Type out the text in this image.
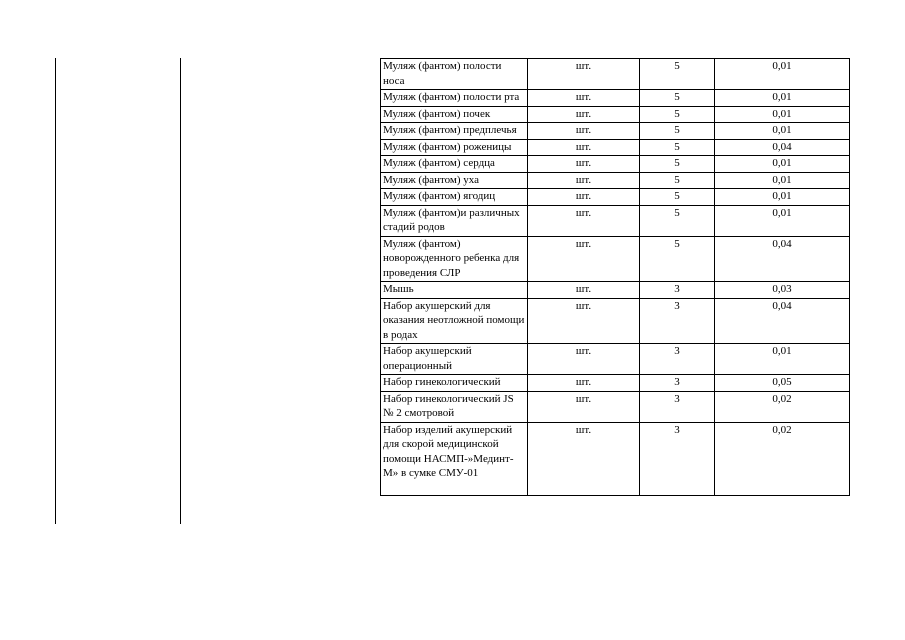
Муляж (фантом) полости носа	шт.	5	0,01
Муляж (фантом) полости рта	шт.	5	0,01
Муляж (фантом) почек	шт.	5	0,01
Муляж (фантом) предплечья	шт.	5	0,01
Муляж (фантом) роженицы	шт.	5	0,04
Муляж (фантом) сердца	шт.	5	0,01
Муляж (фантом) уха	шт.	5	0,01
Муляж (фантом) ягодиц	шт.	5	0,01
Муляж (фантом)и различных стадий родов	шт.	5	0,01
Муляж (фантом) новорожденного ребенка для проведения СЛР	шт.	5	0,04
Мышь	шт.	3	0,03
Набор акушерский для оказания неотложной помощи в родах	шт.	3	0,04
Набор акушерский операционный	шт.	3	0,01
Набор гинекологический	шт.	3	0,05
Набор гинекологический JS № 2 смотровой	шт.	3	0,02
Набор изделий акушерский для скорой медицинской помощи НАСМП-»Мединт-М» в сумке СМУ-01	шт.	3	0,02
